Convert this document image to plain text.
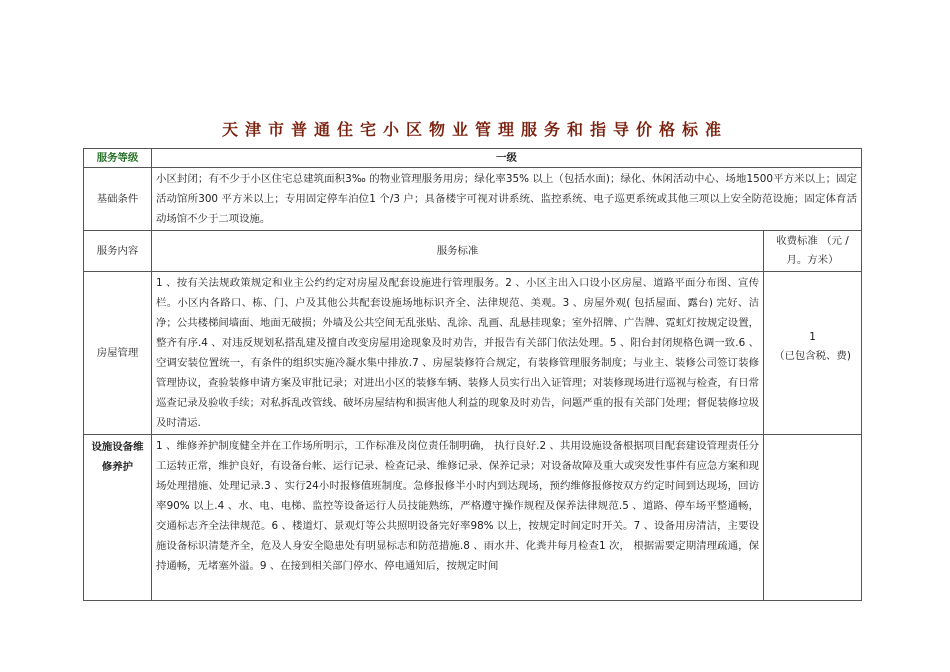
天津市普通住宅小区物业管理服务和指导价格标准
服务等级	一级	
基础条件	小区封闭；有不少于小区住宅总建筑面积3‰ 的物业管理服务用房；绿化率35% 以上（包括水面)；绿化、休闲活动中心、场地1500平方米以上；固定活动馆所300 平方米以上；专用固定停车泊位1 个/3 户；具备楼宇可视对讲系统、监控系统、电子巡更系统或其他三项以上安全防范设施；固定体育活动场馆不少于二项设施。	
服务内容	服务标准	收费标准 （元 / 月。方米）
房屋管理	1 、按有关法规政策规定和业主公约约定对房屋及配套设施进行管理服务。2 、小区主出入口设小区房屋、道路平面分布图、宣传栏。小区内各路口、栋、门、户及其他公共配套设施场地标识齐全、法律规范、美观。3 、房屋外观( 包括屋面、露台) 完好、洁净；公共楼梯间墙面、地面无破损；外墙及公共空间无乱张贴、乱涂、乱画、乱悬挂现象；室外招牌、广告牌、霓虹灯按规定设置， 整齐有序.4 、对违反规划私搭乱建及擅自改变房屋用途现象及时劝告，并报告有关部门依法处理。5 、阳台封闭规格色调一致.6 、空调安装位置统一，有条件的组织实施冷凝水集中排放.7 、房屋装修符合规定，有装修管理服务制度；与业主、装修公司签订装修管理协议，查验装修申请方案及审批记录；对进出小区的装修车辆、装修人员实行出入证管理；对装修现场进行巡视与检查，有日常巡查记录及验收手续；对私拆乱改管线、破坏房屋结构和损害他人利益的现象及时劝告，问题严重的报有关部门处理；督促装修垃圾及时清运.	1
（已包含税、费)

设施设备维修养护	1 、维修养护制度健全并在工作场所明示，工作标准及岗位责任制明确， 执行良好.2 、共用设施设备根据项目配套建设管理责任分工运转正常，维护良好，有设备台帐、运行记录、检查记录、维修记录、保养记录；对设备故障及重大或突发性事件有应急方案和现场处理措施、处理记录.3 、实行24小时报修值班制度。急修报修半小时内到达现场，预约维修报修按双方约定时间到达现场，回访率90% 以上.4 、水、电、电梯、监控等设备运行人员技能熟练，严格遵守操作规程及保养法律规范.5 、道路、停车场平整通畅，交通标志齐全法律规范。6 、楼道灯、景观灯等公共照明设备完好率98% 以上，按规定时间定时开关。7 、设备用房清洁，主要设施设备标识清楚齐全，危及人身安全隐患处有明显标志和防范措施.8 、雨水井、化粪井每月检查1 次， 根据需要定期清理疏通，保持通畅，无堵塞外溢。9 、在接到相关部门停水、停电通知后，按规定时间	
